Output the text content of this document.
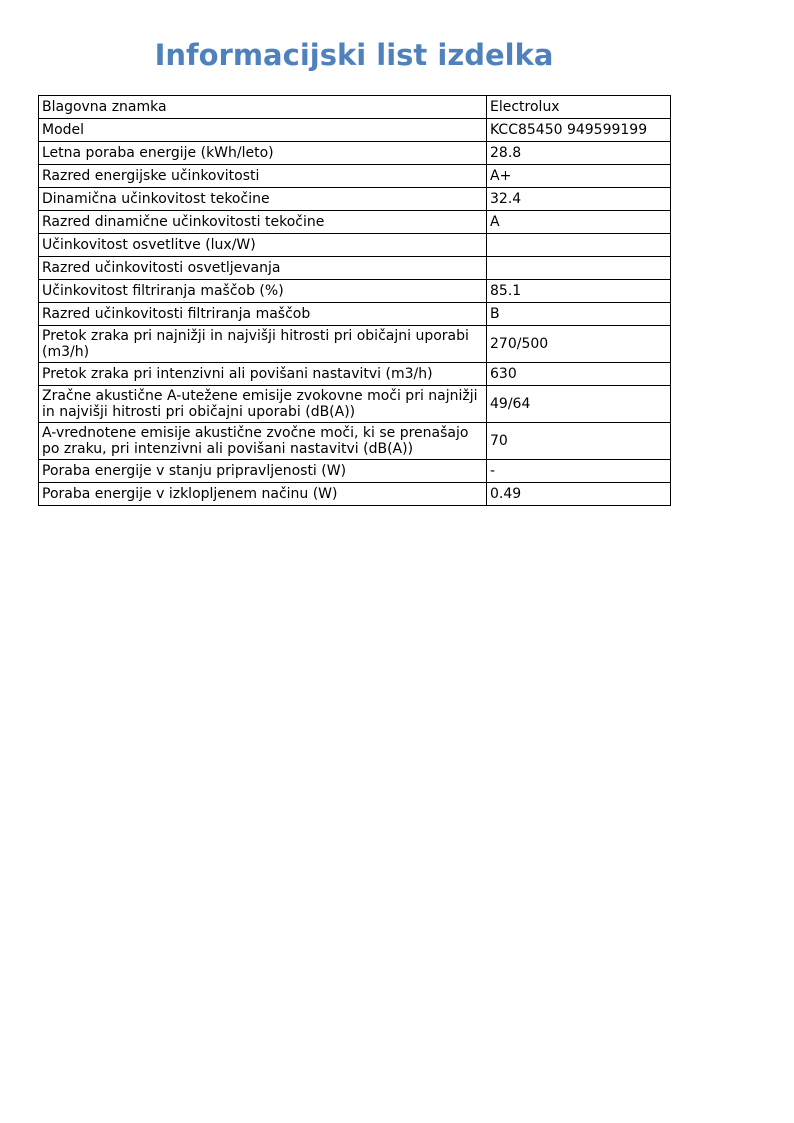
Informacijski list izdelka
Blagovna znamka	Electrolux
Model	KCC85450 949599199
Letna poraba energije (kWh/leto)	28.8
Razred energijske učinkovitosti	A+
Dinamična učinkovitost tekočine	32.4
Razred dinamične učinkovitosti tekočine	A
Učinkovitost osvetlitve (lux/W)	
Razred učinkovitosti osvetljevanja	
Učinkovitost filtriranja maščob (%)	85.1
Razred učinkovitosti filtriranja maščob	B
Pretok zraka pri najnižji in najvišji hitrosti pri običajni uporabi (m3/h)	270/500
Pretok zraka pri intenzivni ali povišani nastavitvi (m3/h)	630
Zračne akustične A-utežene emisije zvokovne moči pri najnižji in najvišji hitrosti pri običajni uporabi (dB(A))	49/64
A-vrednotene emisije akustične zvočne moči, ki se prenašajo po zraku, pri intenzivni ali povišani nastavitvi (dB(A))	70
Poraba energije v stanju pripravljenosti (W)	-
Poraba energije v izklopljenem načinu (W)	0.49
